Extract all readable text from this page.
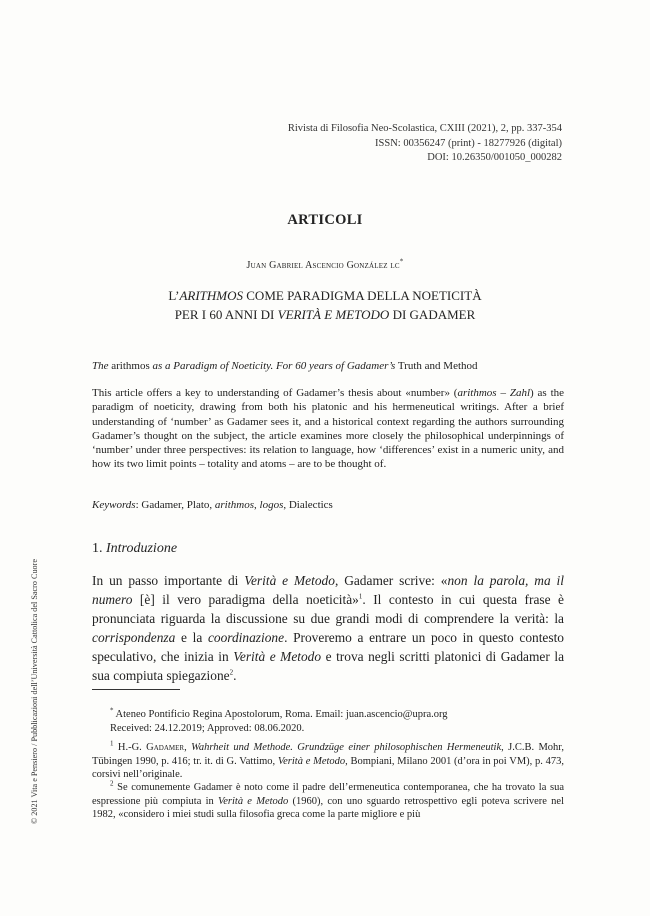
Rivista di Filosofia Neo-Scolastica, CXIII (2021), 2, pp. 337-354
ISSN: 00356247 (print) - 18277926 (digital)
DOI: 10.26350/001050_000282
ARTICOLI
Juan Gabriel Ascencio González lc*
L’ARITHMOS COME PARADIGMA DELLA NOETICITÀ
PER I 60 ANNI DI VERITÀ E METODO DI GADAMER
The arithmos as a Paradigm of Noeticity. For 60 years of Gadamer’s Truth and Method
This article offers a key to understanding of Gadamer’s thesis about «number» (arithmos – Zahl) as the paradigm of noeticity, drawing from both his platonic and his hermeneutical writings. After a brief understanding of ‘number’ as Gadamer sees it, and a historical context regarding the authors surrounding Gadamer’s thought on the subject, the article examines more closely the philosophical underpinnings of ‘number’ under three perspectives: its relation to language, how ‘differences’ exist in a numeric unity, and how its two limit points – totality and atoms – are to be thought of.
Keywords: Gadamer, Plato, arithmos, logos, Dialectics
1. Introduzione
In un passo importante di Verità e Metodo, Gadamer scrive: «non la parola, ma il numero [è] il vero paradigma della noeticità»$^1$. Il contesto in cui questa frase è pronunciata riguarda la discussione su due grandi modi di comprendere la verità: la corrispondenza e la coordinazione. Proveremo a entrare un poco in questo contesto speculativo, che inizia in Verità e Metodo e trova negli scritti platonici di Gadamer la sua compiuta spiegazione$^2$.
* Ateneo Pontificio Regina Apostolorum, Roma. Email: juan.ascencio@upra.org
Received: 24.12.2019; Approved: 08.06.2020.
$^1$ H.-G. Gadamer, Wahrheit und Methode. Grundzüge einer philosophischen Hermeneutik, J.C.B. Mohr, Tübingen 1990, p. 416; tr. it. di G. Vattimo, Verità e Metodo, Bompiani, Milano 2001 (d’ora in poi VM), p. 473, corsivi nell’originale.
$^2$ Se comunemente Gadamer è noto come il padre dell’ermeneutica contemporanea, che ha trovato la sua espressione più compiuta in Verità e Metodo (1960), con uno sguardo retrospettivo egli poteva scrivere nel 1982, «considero i miei studi sulla filosofia greca come la parte migliore e più
© 2021 Vita e Pensiero / Pubblicazioni dell’Università Cattolica del Sacro Cuore
